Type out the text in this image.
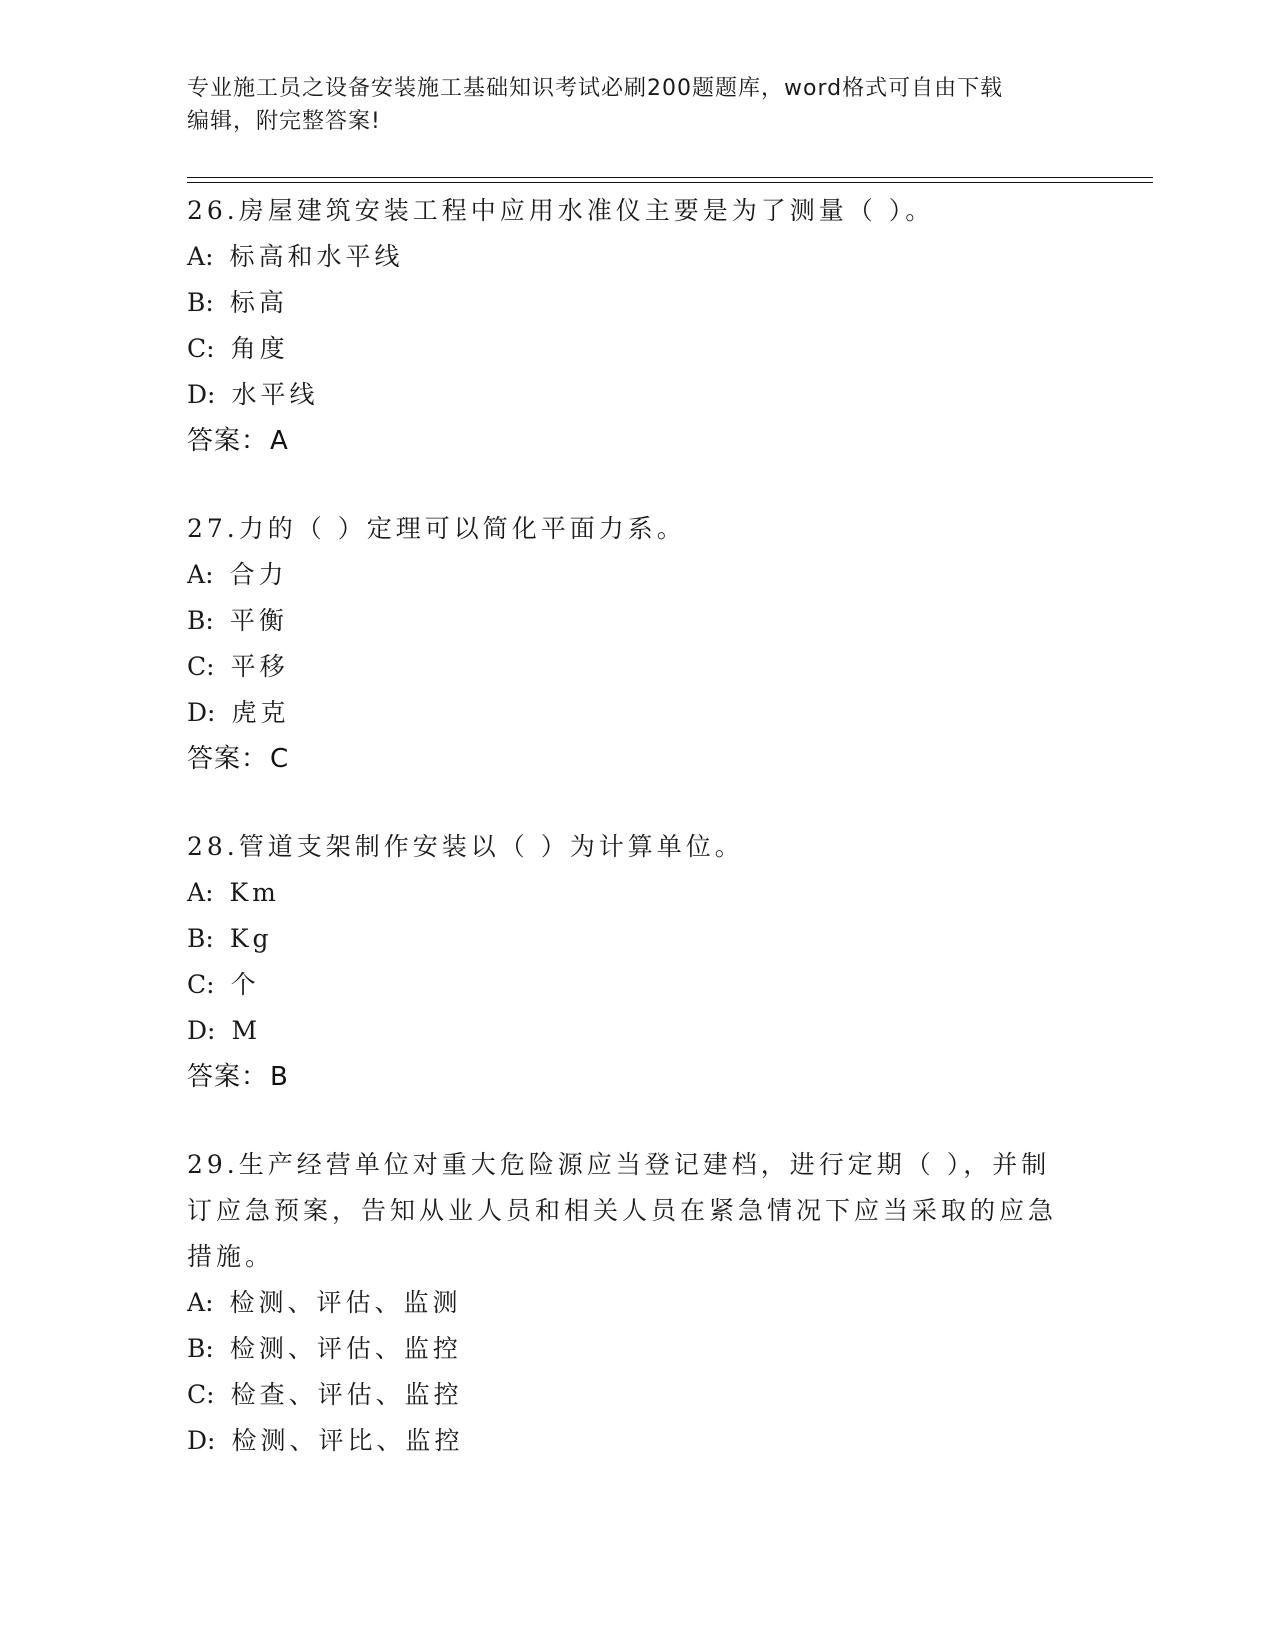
专业施工员之设备安装施工基础知识考试必刷200题题库，word格式可自由下载
编辑，附完整答案!

26.房屋建筑安装工程中应用水准仪主要是为了测量（ ）。

A: 标高和水平线
B: 标高
C: 角度
D: 水平线
答案：A

27.力的（ ）定理可以简化平面力系。

A: 合力
B: 平衡
C: 平移
D: 虎克
答案：C

28.管道支架制作安装以（ ）为计算单位。

A: Km
B: Kg
C: 个
D: M
答案：B

29.生产经营单位对重大危险源应当登记建档，进行定期（ ），并制订应急预案，告知从业人员和相关人员在紧急情况下应当采取的应急措施。

A: 检测、评估、监测
B: 检测、评估、监控
C: 检查、评估、监控
D: 检测、评比、监控
